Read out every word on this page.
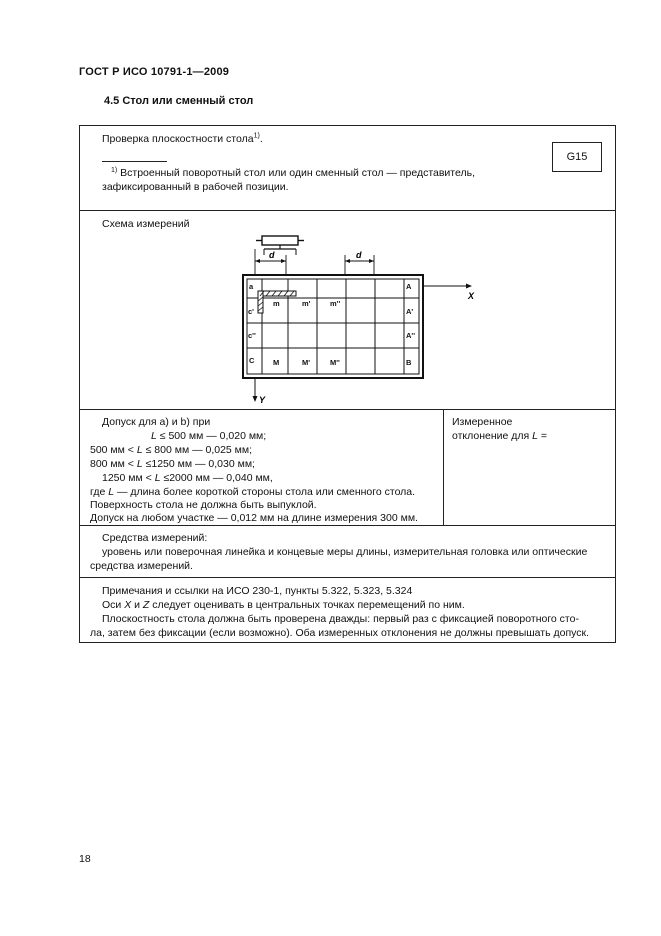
ГОСТ Р ИСО 10791-1—2009
4.5 Стол или сменный стол
Проверка плоскостности стола$^{1)}$.
G15
$^{1)}$ Встроенный поворотный стол или один сменный стол — представитель,
зафиксированный в рабочей позиции.
Схема измерений
d	d
X
Y
a	A
m	m'	m''
c'	A'
c''	A''
C M	M'	M''	B
Допуск для a) и b) при
L ≤ 500 мм — 0,020 мм;
500 мм < L ≤ 800 мм — 0,025 мм;
800 мм < L ≤1250 мм — 0,030 мм;
1250 мм < L ≤2000 мм — 0,040 мм,
где L — длина более короткой стороны стола или сменного стола.
Поверхность стола не должна быть выпуклой.
Допуск на любом участке — 0,012 мм на длине измерения 300 мм.
Измеренное
отклонение для L =
Средства измерений:
уровень или поверочная линейка и концевые меры длины, измерительная головка или оптические
средства измерений.
Примечания и ссылки на ИСО 230-1, пункты 5.322, 5.323, 5.324
Оси X и Z следует оценивать в центральных точках перемещений по ним.
Плоскостность стола должна быть проверена дважды: первый раз с фиксацией поворотного сто-
ла, затем без фиксации (если возможно). Оба измеренных отклонения не должны превышать допуск.
18
